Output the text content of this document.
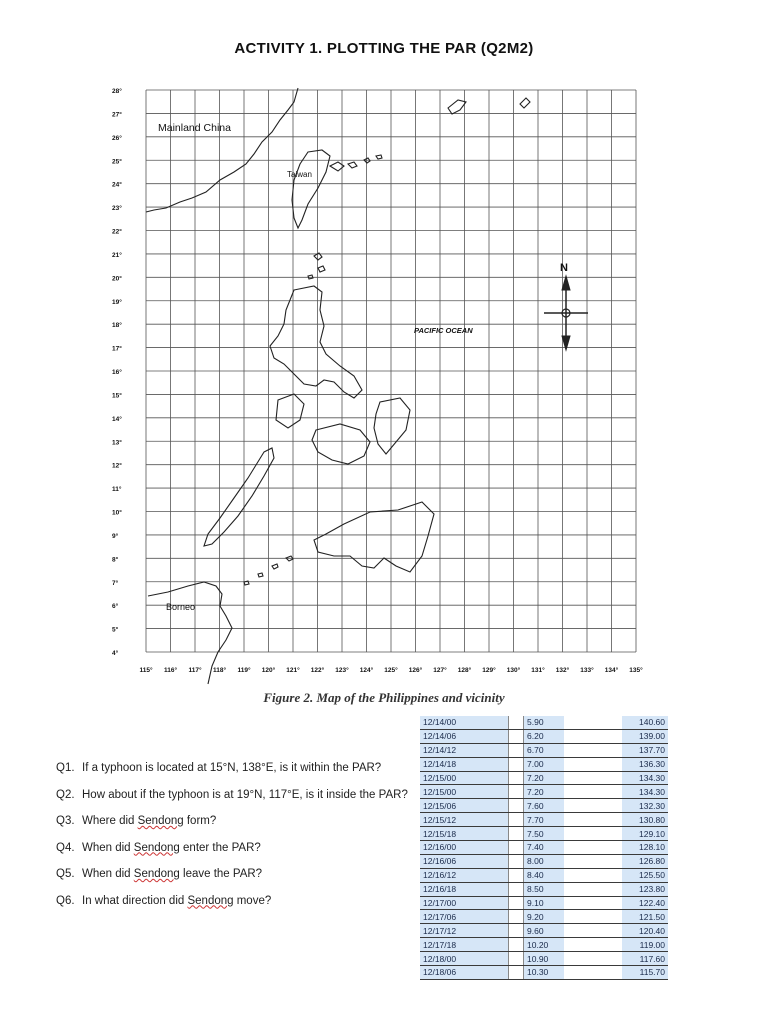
ACTIVITY 1. PLOTTING THE PAR (Q2M2)
28°
27°
26°
25°
24°
23°
22°
21°
20°
19°
18°
17°
16°
15°
14°
13°
12°
11°
10°
9°
8°
7°
6°
5°
4°
115° 116° 117° 118° 119° 120° 121° 122° 123° 124° 125° 126° 127° 128° 129° 130° 131° 132° 133° 134° 135°
Mainland China
Taiwan
PACIFIC OCEAN
Borneo
N
Figure 2. Map of the Philippines and vicinity
Q1. If a typhoon is located at 15°N, 138°E, is it within the PAR?
Q2. How about if the typhoon is at 19°N, 117°E, is it inside the PAR?
Q3. Where did Sendong form?
Q4. When did Sendong enter the PAR?
Q5. When did Sendong leave the PAR?
Q6. In what direction did Sendong move?
12/14/00		5.90		140.60
12/14/06		6.20		139.00
12/14/12		6.70		137.70
12/14/18		7.00		136.30
12/15/00		7.20		134.30
12/15/00		7.20		134.30
12/15/06		7.60		132.30
12/15/12		7.70		130.80
12/15/18		7.50		129.10
12/16/00		7.40		128.10
12/16/06		8.00		126.80
12/16/12		8.40		125.50
12/16/18		8.50		123.80
12/17/00		9.10		122.40
12/17/06		9.20		121.50
12/17/12		9.60		120.40
12/17/18		10.20		119.00
12/18/00		10.90		117.60
12/18/06		10.30		115.70
